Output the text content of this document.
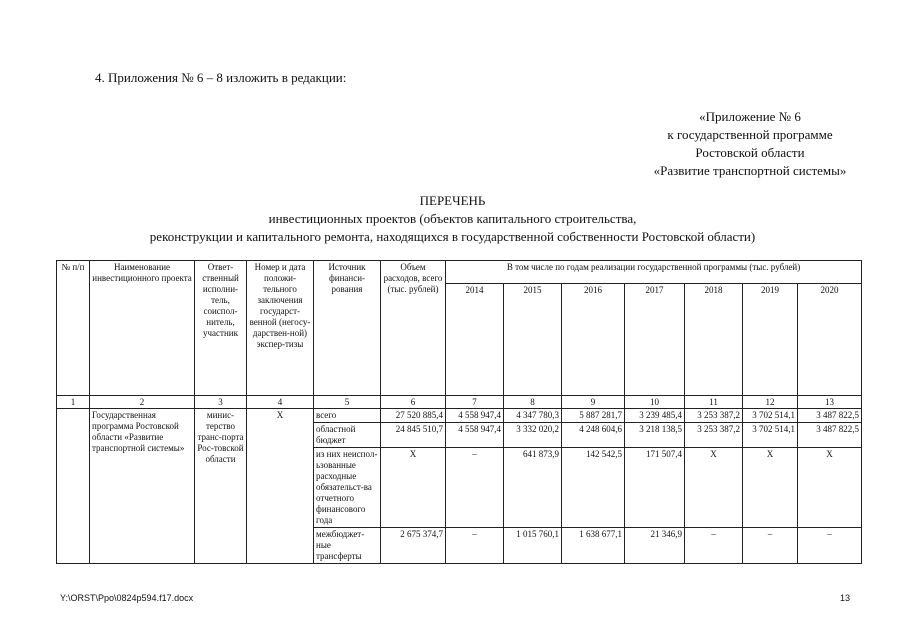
4. Приложения № 6 – 8 изложить в редакции:
«Приложение № 6
к государственной программе
Ростовской области
«Развитие транспортной системы»
ПЕРЕЧЕНЬ
инвестиционных проектов (объектов капитального строительства,
реконструкции и капитального ремонта, находящихся в государственной собственности Ростовской области)
№ п/п	Наименование инвестиционного проекта	Ответ-ственный исполни-тель, соиспол-нитель, участник	Номер и дата положи-тельного заключения государст-венной (негосу-дарствен-ной) экспер-тизы	Источник финанси-рования	Объем расходов, всего (тыс. рублей)	В том числе по годам реализации государственной программы (тыс. рублей)						
						2014	2015	2016	2017	2018	2019	2020
1	2	3	4	5	6	7	8	9	10	11	12	13
	Государственная программа Ростовской области «Развитие транспортной системы»	минис-терство транс-порта Рос-товской области	Х	всего	27 520 885,4	4 558 947,4	4 347 780,3	5 887 281,7	3 239 485,4	3 253 387,2	3 702 514,1	3 487 822,5
				областной бюджет	24 845 510,7	4 558 947,4	3 332 020,2	4 248 604,6	3 218 138,5	3 253 387,2	3 702 514,1	3 487 822,5
				из них неиспользованные расходные обязательст-ва отчетного финансового года	Х	–	641 873,9	142 542,5	171 507,4	Х	Х	Х
				межбюджет-ные трансферты	2 675 374,7	–	1 015 760,1	1 638 677,1	21 346,9	–	–	–
Y:\ORST\Ppo\0824p594.f17.docx	13
